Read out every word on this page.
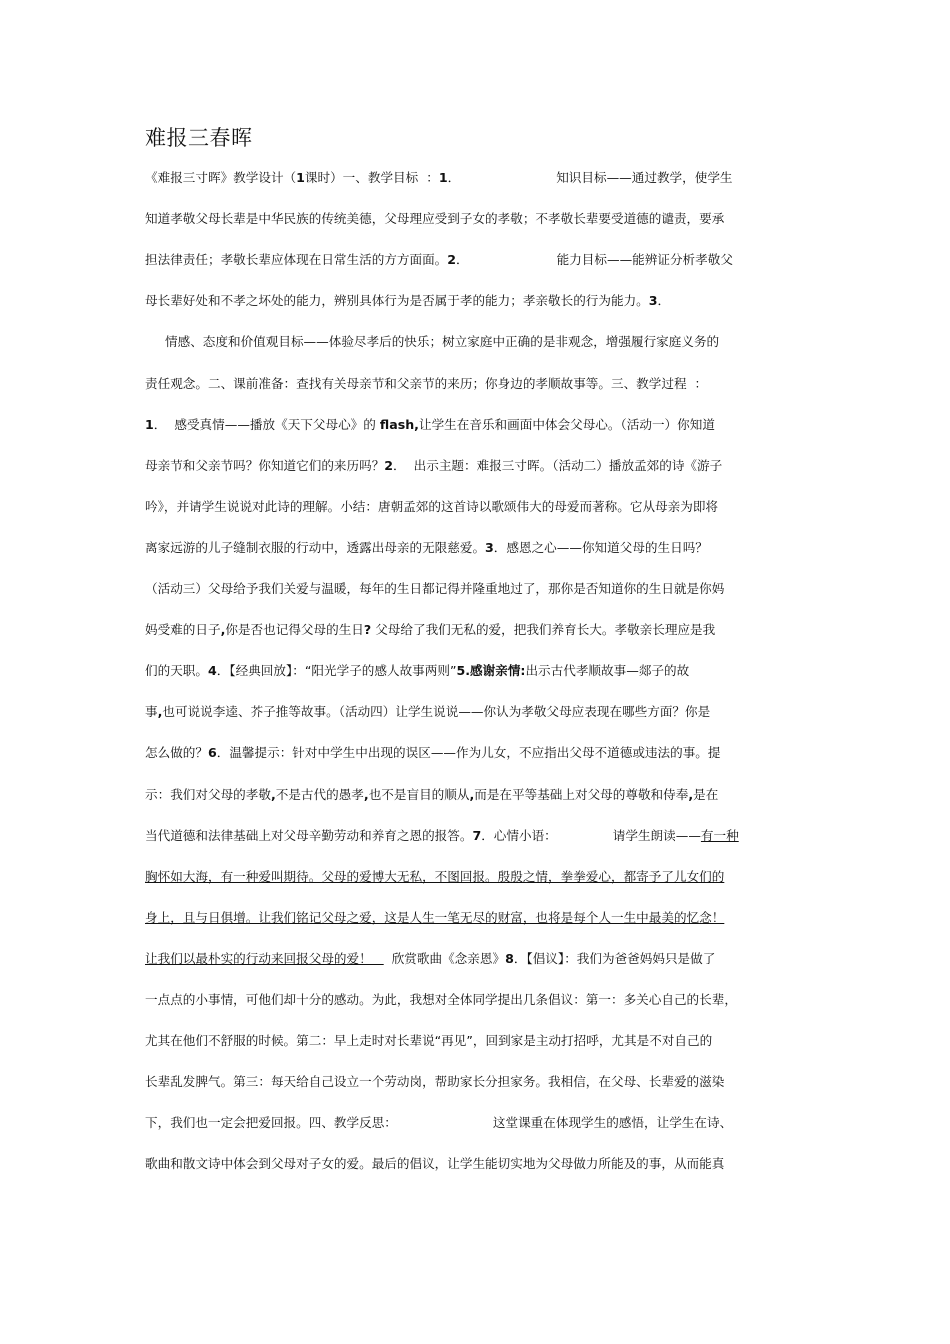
难报三春晖
《难报三寸晖》教学设计（1课时）一、教学目标  ：1．	知识目标——通过教学，使学生
知道孝敬父母长辈是中华民族的传统美德，父母理应受到子女的孝敬；不孝敬长辈要受道德的谴责，要承
担法律责任；孝敬长辈应体现在日常生活的方方面面。2．	能力目标——能辨证分析孝敬父
母长辈好处和不孝之坏处的能力，辨别具体行为是否属于孝的能力；孝亲敬长的行为能力。3．
情感、态度和价值观目标——体验尽孝后的快乐；树立家庭中正确的是非观念，增强履行家庭义务的
责任观念。二、课前准备：查找有关母亲节和父亲节的来历；你身边的孝顺故事等。三、教学过程  ：
1．  感受真情——播放《天下父母心》的 flash,让学生在音乐和画面中体会父母心。（活动一）你知道
母亲节和父亲节吗？你知道它们的来历吗？2．  出示主题：难报三寸晖。（活动二）播放孟郊的诗《游子
吟》，并请学生说说对此诗的理解。小结：唐朝孟郊的这首诗以歌颂伟大的母爱而著称。它从母亲为即将
离家远游的儿子缝制衣服的行动中，透露出母亲的无限慈爱。3．感恩之心——你知道父母的生日吗？
（活动三）父母给予我们关爱与温暖，每年的生日都记得并隆重地过了，那你是否知道你的生日就是你妈
妈受难的日子,你是否也记得父母的生日? 父母给了我们无私的爱，把我们养育长大。孝敬亲长理应是我
们的天职。4．【经典回放】：“阳光学子的感人故事两则”5.感谢亲情:出示古代孝顺故事—郯子的故
事,也可说说李逵、芥子推等故事。（活动四）让学生说说——你认为孝敬父母应表现在哪些方面？你是
怎么做的？6．温馨提示：针对中学生中出现的误区——作为儿女，不应指出父母不道德或违法的事。提
示：我们对父母的孝敬,不是古代的愚孝,也不是盲目的顺从,而是在平等基础上对父母的尊敬和侍奉,是在
当代道德和法律基础上对父母辛勤劳动和养育之恩的报答。7．心情小语：	请学生朗读——有一种
胸怀如大海，有一种爱叫期待。父母的爱博大无私，不图回报。殷殷之情，拳拳爱心，都寄予了儿女们的
身上，且与日俱增。让我们铭记父母之爱，这是人生一笔无尽的财富，也将是每个人一生中最美的忆念！
让我们以最朴实的行动来回报父母的爱！     欣赏歌曲《念亲恩》8．【倡议】：我们为爸爸妈妈只是做了
一点点的小事情，可他们却十分的感动。为此，我想对全体同学提出几条倡议：第一：多关心自己的长辈，
尤其在他们不舒服的时候。第二：早上走时对长辈说“再见”，回到家是主动打招呼，尤其是不对自己的
长辈乱发脾气。第三：每天给自己设立一个劳动岗，帮助家长分担家务。我相信，在父母、长辈爱的滋染
下，我们也一定会把爱回报。四、教学反思：	这堂课重在体现学生的感悟，让学生在诗、
歌曲和散文诗中体会到父母对子女的爱。最后的倡议，让学生能切实地为父母做力所能及的事，从而能真
